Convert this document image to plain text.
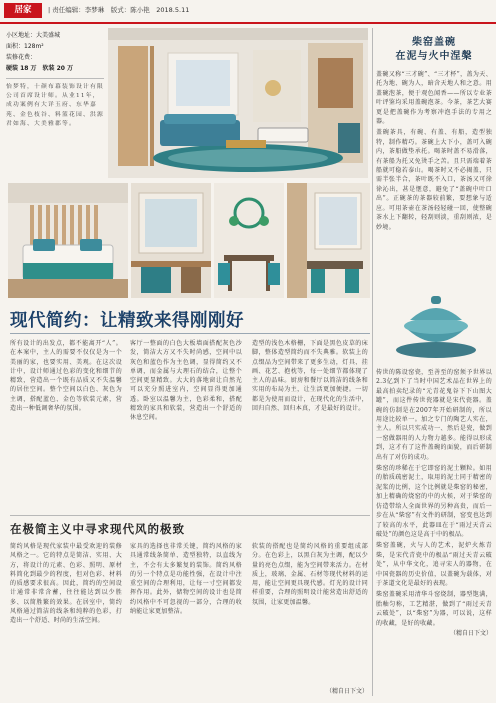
居家	| 责任编辑：李梦琳　版式：陈小艳　2018.5.11
小区地址：大美盛城
面积：128m²
装修花费：
硬装 18 万　软装 20 万
怡梦特，十颜布幕装饰设计有限公司首席设计师。从业11年，成功案例有大详玉府、东华嘉苑、金色枝谷、料篮花园、洪源君如海、大美雅郡等。
柴窑盖碗
在泥与火中涅槃
盖碗又称“三才碗”、“三才杯”，盖为天、托为地、碗为人，暗含天地人和之意。用盖碗泡茶，便于观色闻香——所以专业茶叶评鉴均采用盖碗泡茶。今茶，茶艺大赛更是把盖碗作为考察冲泡手法的专用之器。
盖碗茶具，有碗、有盖、有船，造型独特，制作精巧。茶碗上大下小，盖可入碗内，茶船做垫承托。喝茶时盖不易滑落，有茶船为托又免烫手之苦。且只需端着茶船就可稳若泰山。喝茶时又不必揭盖，只需半张半合，茶叶既不入口，茶汤又可徐徐沁出，甚是惬意，避免了“盖碗中叶口出”。正碗茶的茶器较前繁，要想象与适应。可用茶壶在茶汤轻轻碰一回，使整碗茶水上下翻转，轻刮则淡，重刮则浓，是妙境。
传世的陈设窑瓷，至善至的窑须予世界以2.3亿到下了当时中国艺术品在世界上的最高拍卖纪录的“元青花鬼谷下下山图大罐”，而这件传世瓷器就是宋代瓷器。盖碗的仿制是在2007年开始研制的，所以用途比较单一。加之专门的陶艺人实在，主人。所以只实成功一、然后是瓷，做到一窑做器用的人力物力越多。能得以形成到，这才有了这件盖碗的面貌，而后研制出有了对仿的成功。
柴窑的珍稀在于它即窑的泥土颗粒。如用的胎质疏密泥土，取用的泥土同于精密的泥浆的比例，这个比例就是柴窑的秘密，加上精确的烧窑的中的火候，对于柴窑的仿造带给人全面世界的另种高贵，而后一步在从“柴窑”有文件的研制，窑变也达到了较高的水平，此器皿在于“雨过天青云破处”的颜色这是高于中的极品。
柴窑盖碗，火与人的艺术，泥炉火炼青柴，是宋代青瓷中的极品“雨过天青云破处”，从中华文化，追寻宋人的器物，在中国瓷器的历史价值，以盖碗为载体，对于茶道文化是最好的表现。
柴窑盖碗采用清华斗窑烧制，器型饱满，胎釉匀称，工艺精湛，做到了“雨过天青云破处”，以“柴窑”为器，可以说，这样的收藏，是好的收藏。
（精自日下文）
现代简约：让精致来得刚刚好
所有设计的出发点，都不能离开“人”。在本案中，主人的需要不仅仅是为一个美丽的家，也要实用、美观。在这次设计中，设计师通过色彩的变化和细节的精致，营造出一个既有品质又不失温馨的居住空间。整个空间以白色、灰色为主调，搭配蓝色、金色等软装元素，营造出一种低调奢华的氛围。
客厅一整面的白色大板墙面搭配灰色沙发，简洁大方又不失时尚感，空间中以灰色和蓝色作为主色调，显得简约又不单调，而金属与大理石的结合，让整个空间更显精致。大大的落地窗让自然光可以充分照进室内，空间显得更加通透。卧室以温馨为主，色彩柔和，搭配精致的家具和软装，营造出一个舒适的休息空间。
造型的浅色木格栅，下面是黑色皮草的床脚，整体造型简约而不失典雅。软装上的点缀品为空间带来了更多生动，灯具、挂画、花艺、抱枕等，每一处细节都体现了主人的品味。厨房和餐厅以简洁的线条和实用的布局为主，让生活更加便捷。一切都是为使用而设计，在现代化的生活中，回归自然、回归本真，才是最好的设计。
在极简主义中寻求现代风的极致
简约风格是现代家装中最受欢迎的装修风格之一。它的特点是简洁、实用、大方，将设计的元素、色彩、照明、原材料简化到最少的程度，但对色彩、材料的质感要求很高。因此，简约的空间设计通常非常含蓄，往往能达到以少胜多、以简胜繁的效果。在居室中，简约风格通过简洁的线条和纯粹的色彩，打造出一个舒适、时尚的生活空间。
家具的选择也非常关键，简约风格的家具通常线条简单、造型独特，以直线为主，不会有太多繁复的装饰。简约风格的另一个特点是功能性强，在设计中注重空间的合理利用，让每一寸空间都发挥作用。此外，储物空间的设计也是简约风格中不可忽视的一部分，合理的收纳能让家更加整洁。
软装的搭配也是简约风格的重要组成部分。在色彩上，以黑白灰为主调，配以少量的亮色点缀，能为空间带来活力。在材质上，玻璃、金属、石材等现代材料的运用，能让空间更具现代感。灯光的设计同样重要，合理的照明设计能营造出舒适的氛围，让家更加温馨。
（精自日下文）
